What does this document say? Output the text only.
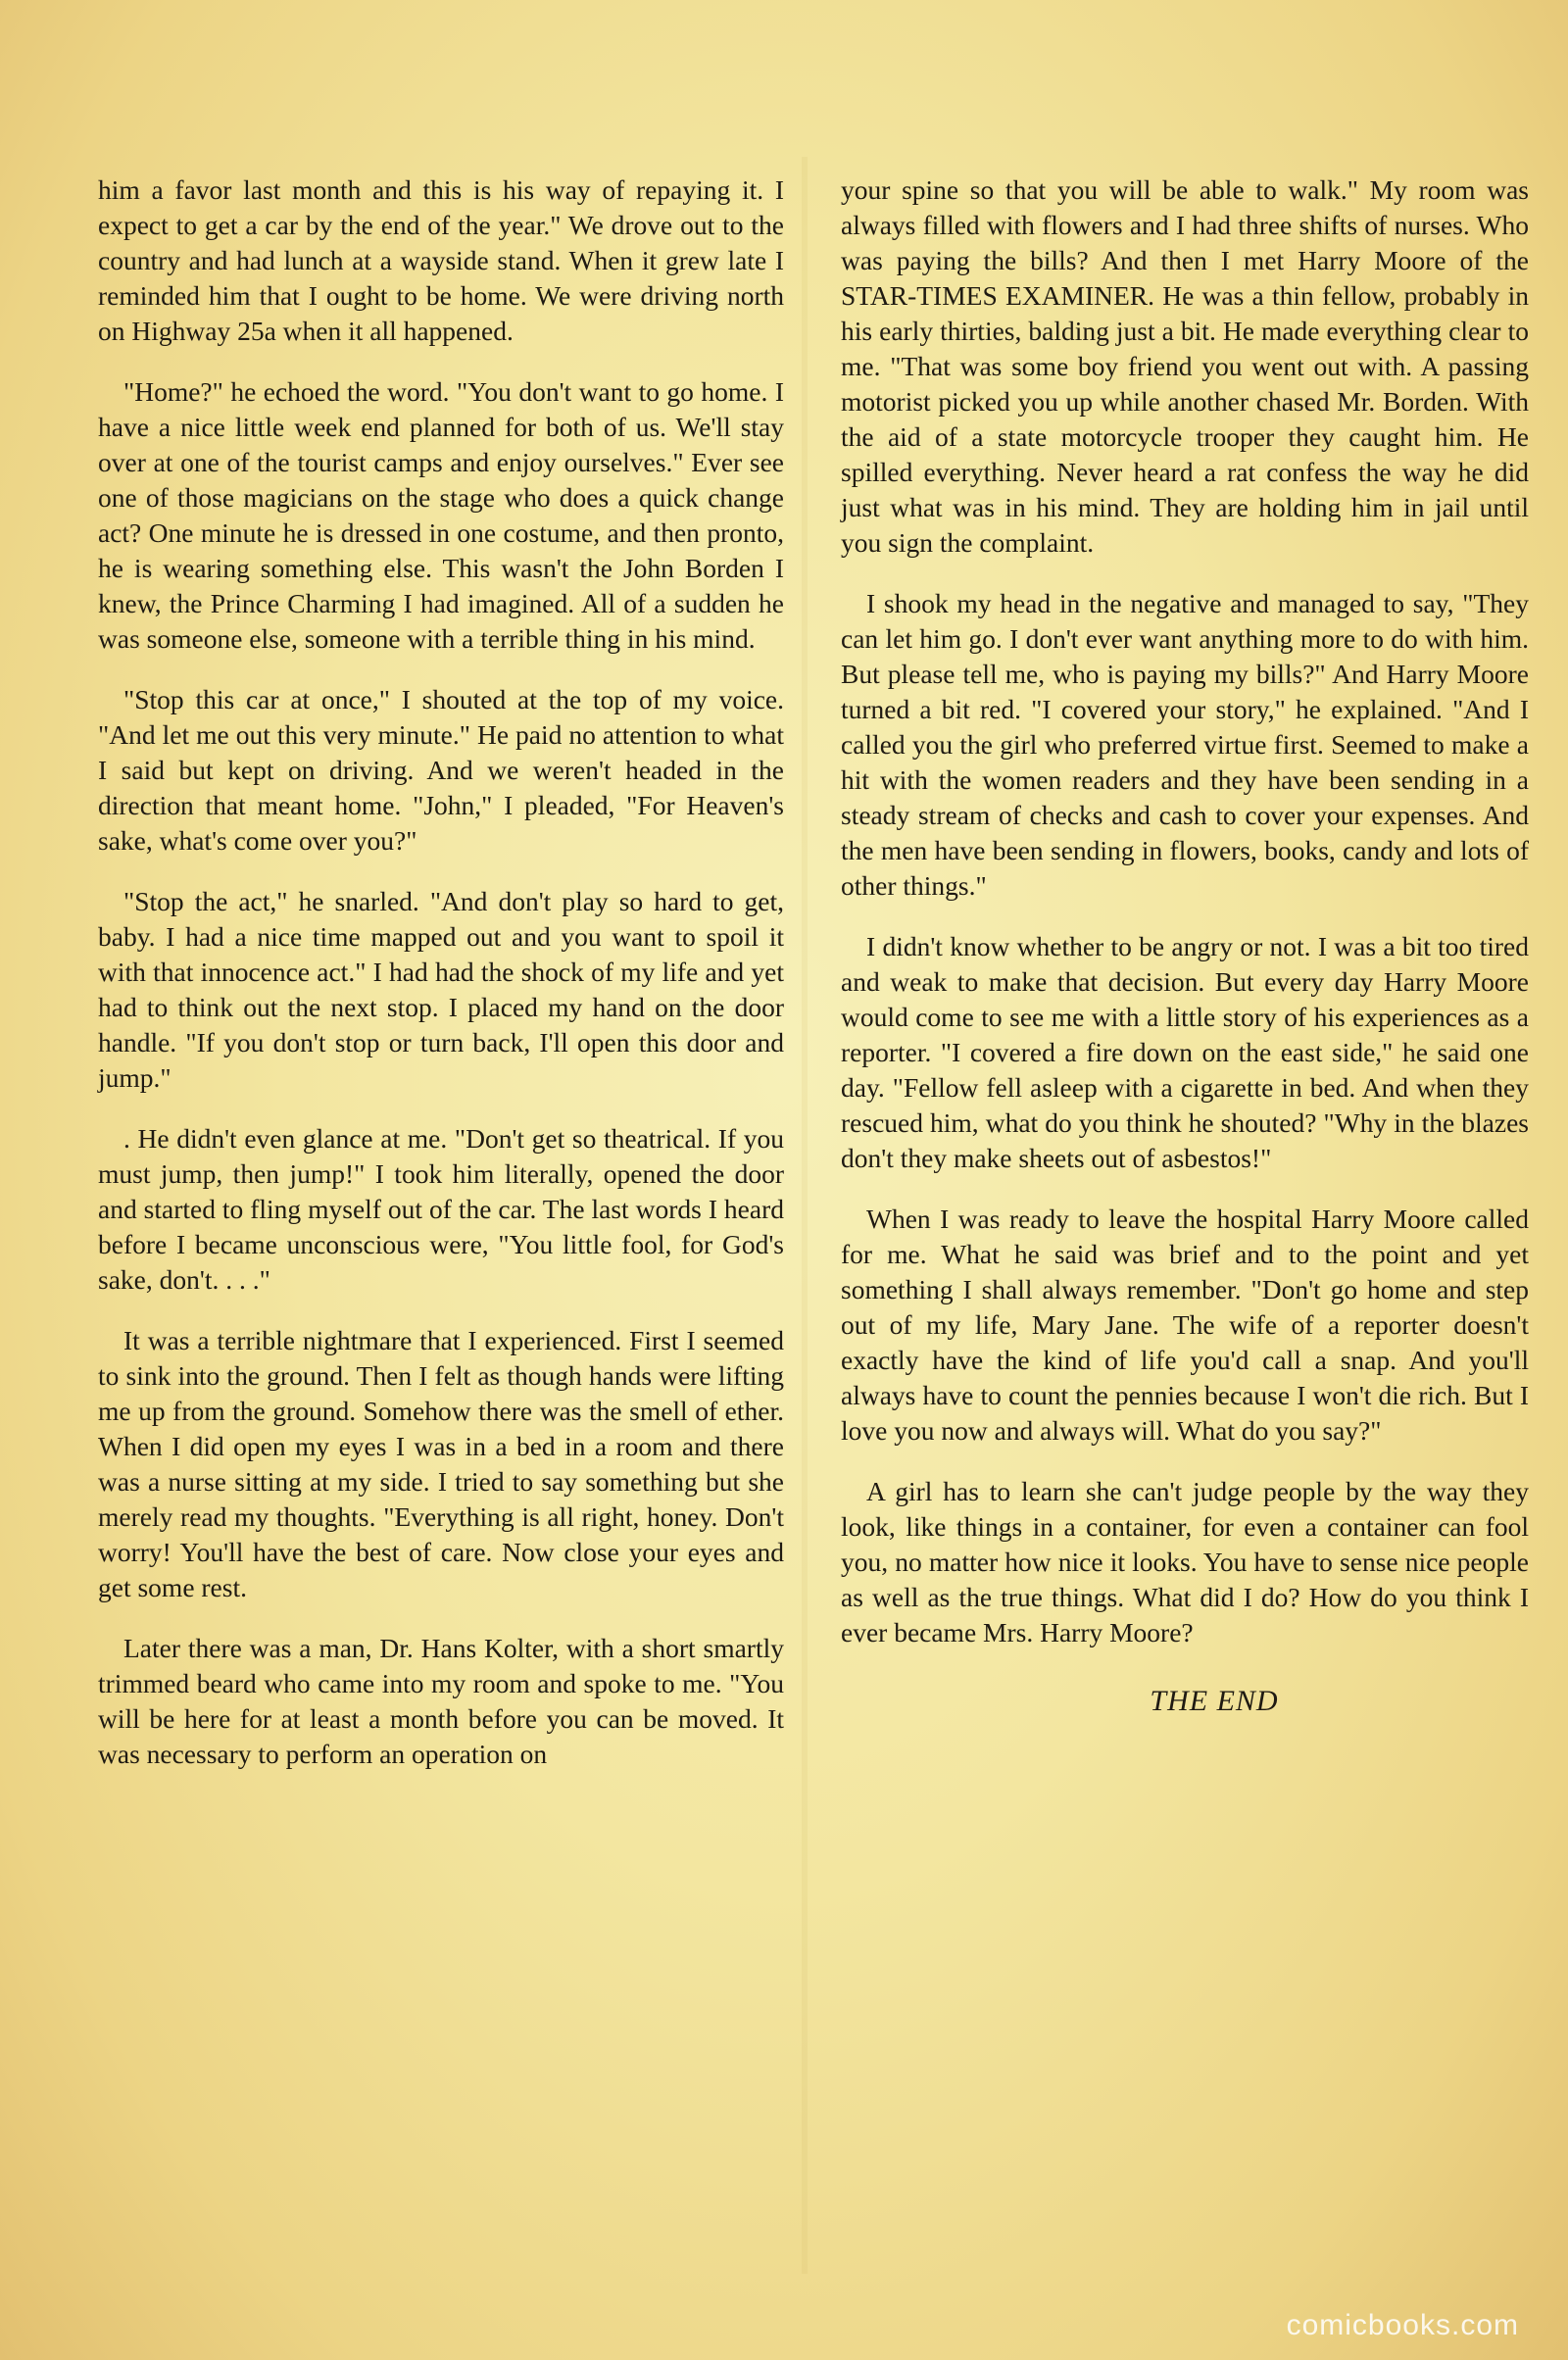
him a favor last month and this is his way of repaying it. I expect to get a car by the end of the year." We drove out to the country and had lunch at a wayside stand. When it grew late I reminded him that I ought to be home. We were driving north on Highway 25a when it all happened.

"Home?" he echoed the word. "You don't want to go home. I have a nice little week end planned for both of us. We'll stay over at one of the tourist camps and enjoy ourselves." Ever see one of those magicians on the stage who does a quick change act? One minute he is dressed in one costume, and then pronto, he is wearing something else. This wasn't the John Borden I knew, the Prince Charming I had imagined. All of a sudden he was someone else, someone with a terrible thing in his mind.

"Stop this car at once," I shouted at the top of my voice. "And let me out this very minute." He paid no attention to what I said but kept on driving. And we weren't headed in the direction that meant home. "John," I pleaded, "For Heaven's sake, what's come over you?"

"Stop the act," he snarled. "And don't play so hard to get, baby. I had a nice time mapped out and you want to spoil it with that innocence act." I had had the shock of my life and yet had to think out the next stop. I placed my hand on the door handle. "If you don't stop or turn back, I'll open this door and jump."

. He didn't even glance at me. "Don't get so theatrical. If you must jump, then jump!" I took him literally, opened the door and started to fling myself out of the car. The last words I heard before I became unconscious were, "You little fool, for God's sake, don't. . . ."

It was a terrible nightmare that I experienced. First I seemed to sink into the ground. Then I felt as though hands were lifting me up from the ground. Somehow there was the smell of ether. When I did open my eyes I was in a bed in a room and there was a nurse sitting at my side. I tried to say something but she merely read my thoughts. "Everything is all right, honey. Don't worry! You'll have the best of care. Now close your eyes and get some rest.

Later there was a man, Dr. Hans Kolter, with a short smartly trimmed beard who came into my room and spoke to me. "You will be here for at least a month before you can be moved. It was necessary to perform an operation on

your spine so that you will be able to walk." My room was always filled with flowers and I had three shifts of nurses. Who was paying the bills? And then I met Harry Moore of the STAR-TIMES EXAMINER. He was a thin fellow, probably in his early thirties, balding just a bit. He made everything clear to me. "That was some boy friend you went out with. A passing motorist picked you up while another chased Mr. Borden. With the aid of a state motorcycle trooper they caught him. He spilled everything. Never heard a rat confess the way he did just what was in his mind. They are holding him in jail until you sign the complaint.

I shook my head in the negative and managed to say, "They can let him go. I don't ever want anything more to do with him. But please tell me, who is paying my bills?" And Harry Moore turned a bit red. "I covered your story," he explained. "And I called you the girl who preferred virtue first. Seemed to make a hit with the women readers and they have been sending in a steady stream of checks and cash to cover your expenses. And the men have been sending in flowers, books, candy and lots of other things."

I didn't know whether to be angry or not. I was a bit too tired and weak to make that decision. But every day Harry Moore would come to see me with a little story of his experiences as a reporter. "I covered a fire down on the east side," he said one day. "Fellow fell asleep with a cigarette in bed. And when they rescued him, what do you think he shouted? "Why in the blazes don't they make sheets out of asbestos!"

When I was ready to leave the hospital Harry Moore called for me. What he said was brief and to the point and yet something I shall always remember. "Don't go home and step out of my life, Mary Jane. The wife of a reporter doesn't exactly have the kind of life you'd call a snap. And you'll always have to count the pennies because I won't die rich. But I love you now and always will. What do you say?"

A girl has to learn she can't judge people by the way they look, like things in a container, for even a container can fool you, no matter how nice it looks. You have to sense nice people as well as the true things. What did I do? How do you think I ever became Mrs. Harry Moore?

THE END
comicbooks.com
